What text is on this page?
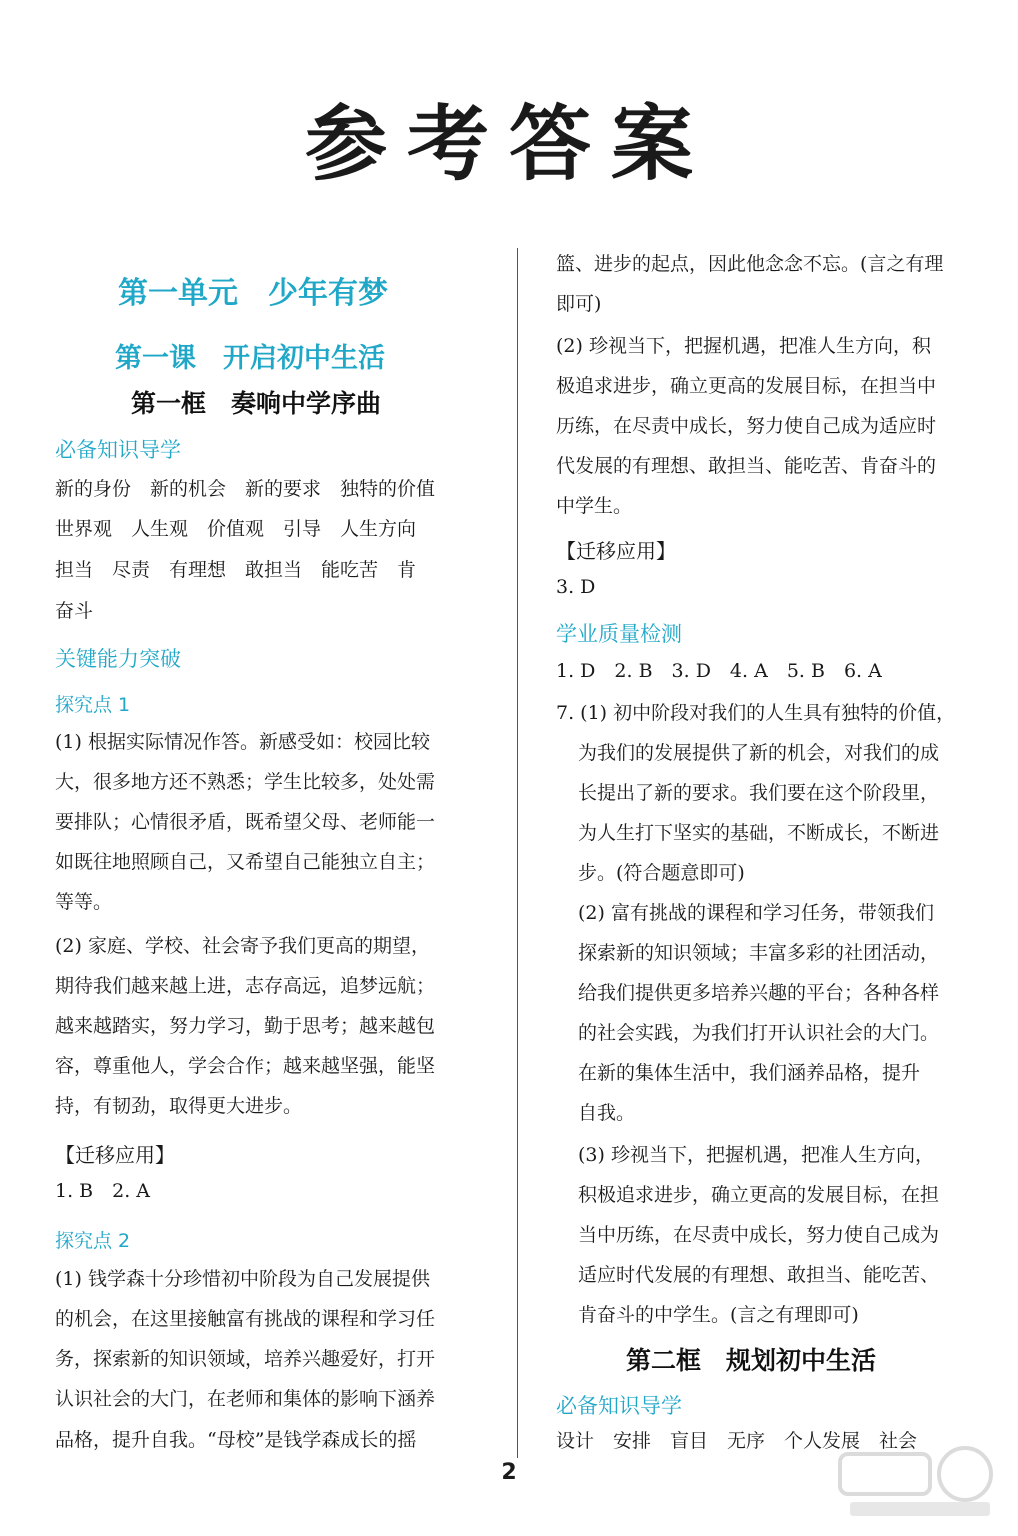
参考答案
第一单元　少年有梦
第一课　开启初中生活
第一框　奏响中学序曲
必备知识导学
新的身份　新的机会　新的要求　独特的价值
世界观　人生观　价值观　引导　人生方向
担当　尽责　有理想　敢担当　能吃苦　肯
奋斗
关键能力突破
探究点 1
(1) 根据实际情况作答。新感受如：校园比较
大，很多地方还不熟悉；学生比较多，处处需
要排队；心情很矛盾，既希望父母、老师能一
如既往地照顾自己，又希望自己能独立自主；
等等。
(2) 家庭、学校、社会寄予我们更高的期望，
期待我们越来越上进，志存高远，追梦远航；
越来越踏实，努力学习，勤于思考；越来越包
容，尊重他人，学会合作；越来越坚强，能坚
持，有韧劲，取得更大进步。
【迁移应用】
1. B　2. A
探究点 2
(1) 钱学森十分珍惜初中阶段为自己发展提供
的机会，在这里接触富有挑战的课程和学习任
务，探索新的知识领域，培养兴趣爱好，打开
认识社会的大门，在老师和集体的影响下涵养
品格，提升自我。“母校”是钱学森成长的摇
篮、进步的起点，因此他念念不忘。(言之有理
即可)
(2) 珍视当下，把握机遇，把准人生方向，积
极追求进步，确立更高的发展目标，在担当中
历练，在尽责中成长，努力使自己成为适应时
代发展的有理想、敢担当、能吃苦、肯奋斗的
中学生。
【迁移应用】
3. D
学业质量检测
1. D　2. B　3. D　4. A　5. B　6. A
7. (1) 初中阶段对我们的人生具有独特的价值，
为我们的发展提供了新的机会，对我们的成
长提出了新的要求。我们要在这个阶段里，
为人生打下坚实的基础，不断成长，不断进
步。(符合题意即可)
(2) 富有挑战的课程和学习任务，带领我们
探索新的知识领域；丰富多彩的社团活动，
给我们提供更多培养兴趣的平台；各种各样
的社会实践，为我们打开认识社会的大门。
在新的集体生活中，我们涵养品格，提升
自我。
(3) 珍视当下，把握机遇，把准人生方向，
积极追求进步，确立更高的发展目标，在担
当中历练，在尽责中成长，努力使自己成为
适应时代发展的有理想、敢担当、能吃苦、
肯奋斗的中学生。(言之有理即可)
第二框　规划初中生活
必备知识导学
设计　安排　盲目　无序　个人发展　社会
2
